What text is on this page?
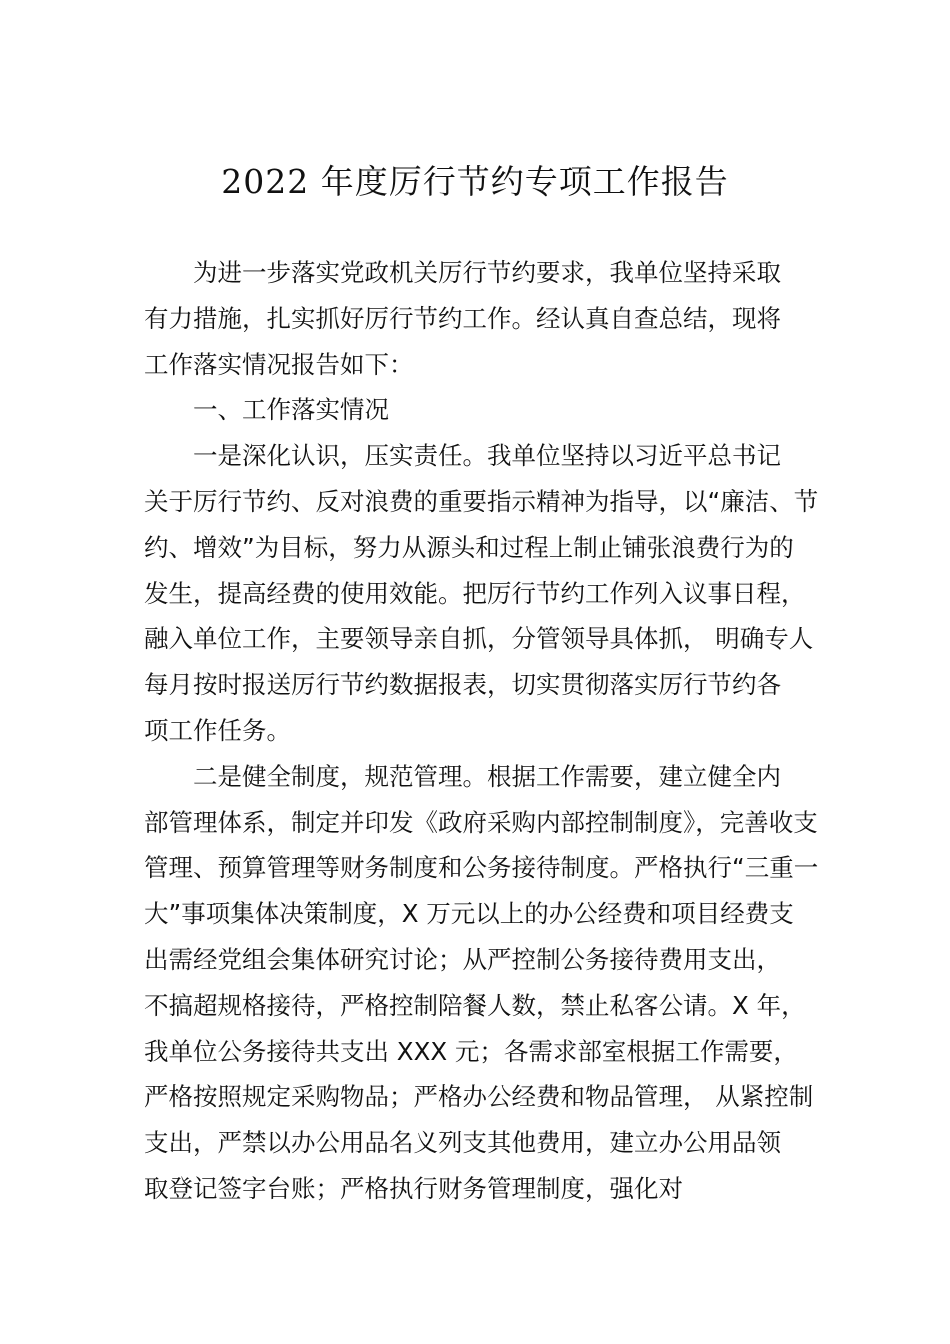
2022 年度厉行节约专项工作报告
为进一步落实党政机关厉行节约要求，我单位坚持采取
有力措施，扎实抓好厉行节约工作。经认真自查总结，现将
工作落实情况报告如下：
一、工作落实情况
一是深化认识，压实责任。我单位坚持以习近平总书记
关于厉行节约、反对浪费的重要指示精神为指导，以“廉洁、节
约、增效”为目标，努力从源头和过程上制止铺张浪费行为的
发生，提高经费的使用效能。把厉行节约工作列入议事日程，
融入单位工作，主要领导亲自抓，分管领导具体抓， 明确专人
每月按时报送厉行节约数据报表，切实贯彻落实厉行节约各
项工作任务。
二是健全制度，规范管理。根据工作需要，建立健全内
部管理体系，制定并印发《政府采购内部控制制度》，完善收支
管理、预算管理等财务制度和公务接待制度。严格执行“三重一
大”事项集体决策制度，X 万元以上的办公经费和项目经费支
出需经党组会集体研究讨论；从严控制公务接待费用支出，
不搞超规格接待，严格控制陪餐人数，禁止私客公请。X 年，
我单位公务接待共支出 XXX 元；各需求部室根据工作需要，
严格按照规定采购物品；严格办公经费和物品管理， 从紧控制
支出，严禁以办公用品名义列支其他费用，建立办公用品领
取登记签字台账；严格执行财务管理制度，强化对
